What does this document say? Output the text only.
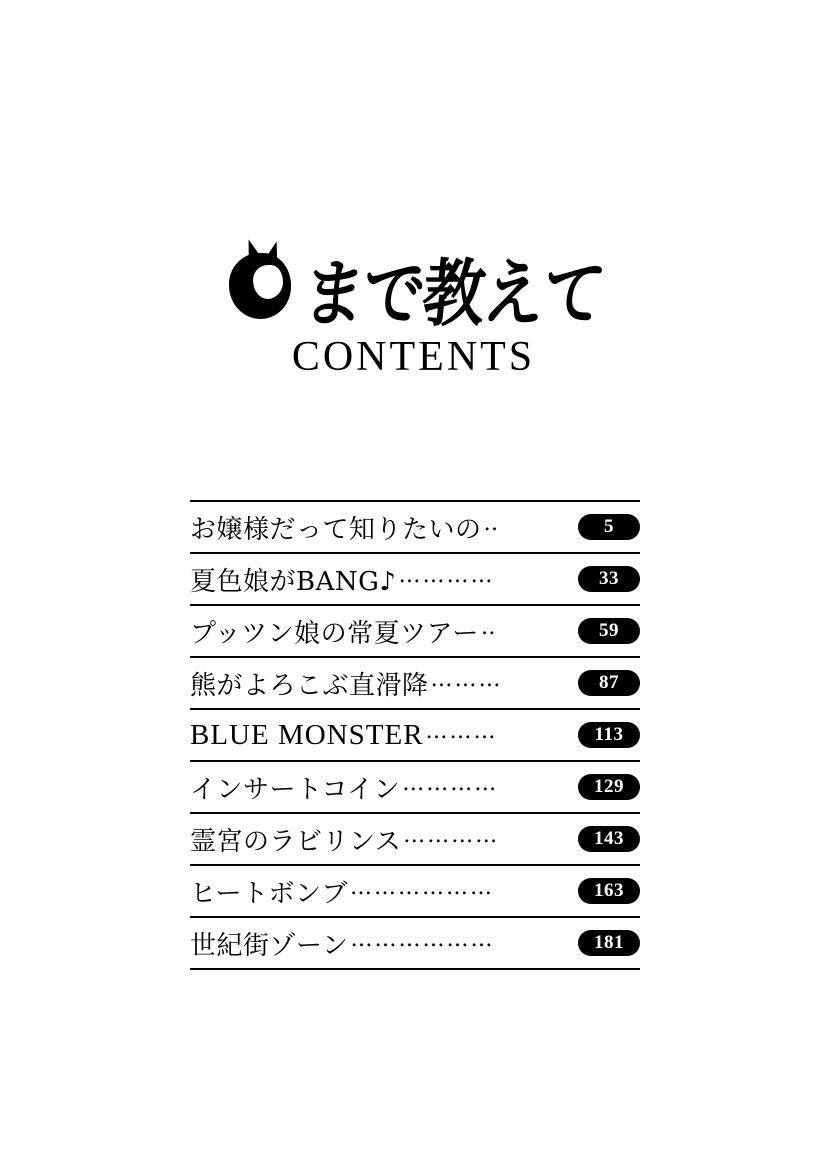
まで教えて
CONTENTS
お嬢様だって知りたいの ‥	5
夏色娘がBANG♪ …………	33
プッツン娘の常夏ツアー ‥	59
熊がよろこぶ直滑降 ………	87
BLUE MONSTER ………	113
インサートコイン …………	129
霊宮のラビリンス …………	143
ヒートボンブ ………………	163
世紀街ゾーン ………………	181
